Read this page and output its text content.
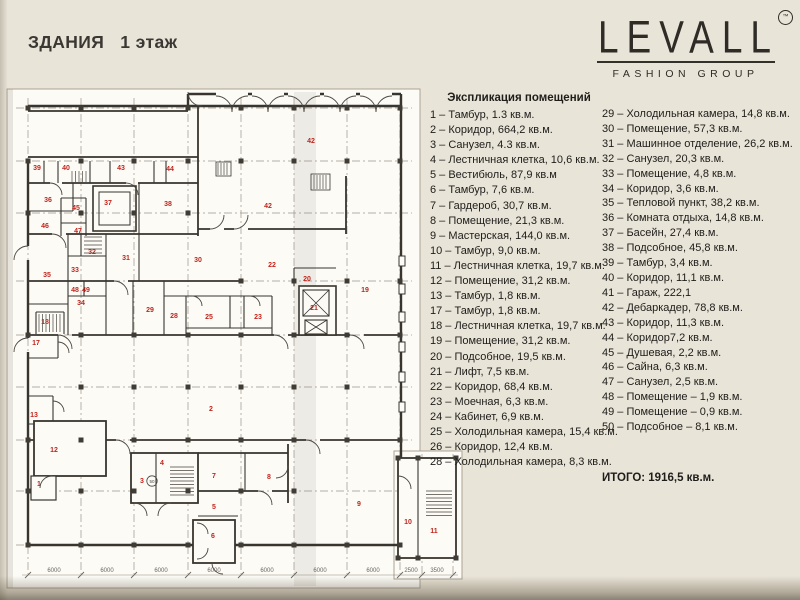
ЗДАНИЯ 1 этаж	LEVALL ™
FASHION GROUP
6000	6000	6000	6000	6000	6000	6000	2500 3500
39	40	43	44
42
42
36	37	38
45
46
47
35
33
32
31	30
48 49
34
29
28	25	23
18
17
22
20
21
19
13
2
12
1	3
4
7	8
5	9
6
10
11
50
Экспликация помещений
1 – Тамбур, 1.3 кв.м.
2 – Коридор, 664,2 кв.м.
3 – Санузел, 4.3 кв.м.
4 – Лестничная клетка, 10,6 кв.м.
5 – Вестибюль, 87,9 кв.м
6 – Тамбур, 7,6 кв.м.
7 – Гардероб, 30,7 кв.м.
8 – Помещение, 21,3 кв.м.
9 – Мастерская, 144,0 кв.м.
10 – Тамбур, 9,0 кв.м.
11 – Лестничная клетка, 19,7 кв.м.
12 – Помещение, 31,2 кв.м.
13 – Тамбур, 1,8 кв.м.
17 – Тамбур, 1,8 кв.м.
18 – Лестничная клетка, 19,7 кв.м.
19 – Помещение, 31,2 кв.м.
20 – Подсобное, 19,5 кв.м.
21 – Лифт, 7,5 кв.м.
22 – Коридор, 68,4 кв.м.
23 – Моечная, 6,3 кв.м.
24 – Кабинет, 6,9 кв.м.
25 – Холодильная камера, 15,4 кв.м.
26 – Коридор, 12,4 кв.м.
28 – Холодильная камера, 8,3 кв.м.
29 – Холодильная камера, 14,8 кв.м.
30 – Помещение, 57,3 кв.м.
31 – Машинное отделение, 26,2 кв.м.
32 – Санузел, 20,3 кв.м.
33 – Помещение, 4,8 кв.м.
34 – Коридор, 3,6 кв.м.
35 – Тепловой пункт, 38,2 кв.м.
36 – Комната отдыха, 14,8 кв.м.
37 – Басейн, 27,4 кв.м.
38 – Подсобное, 45,8 кв.м.
39 – Тамбур, 3,4 кв.м.
40 – Коридор, 11,1 кв.м.
41 – Гараж, 222,1
42 – Дебаркадер, 78,8 кв.м.
43 – Коридор, 11,3 кв.м.
44 – Коридор7,2 кв.м.
45 – Душевая, 2,2 кв.м.
46 – Сайна, 6,3 кв.м.
47 – Санузел, 2,5 кв.м.
48 – Помещение – 1,9 кв.м.
49 – Помещение – 0,9 кв.м.
50 – Подсобное – 8,1 кв.м.
ИТОГО: 1916,5 кв.м.
